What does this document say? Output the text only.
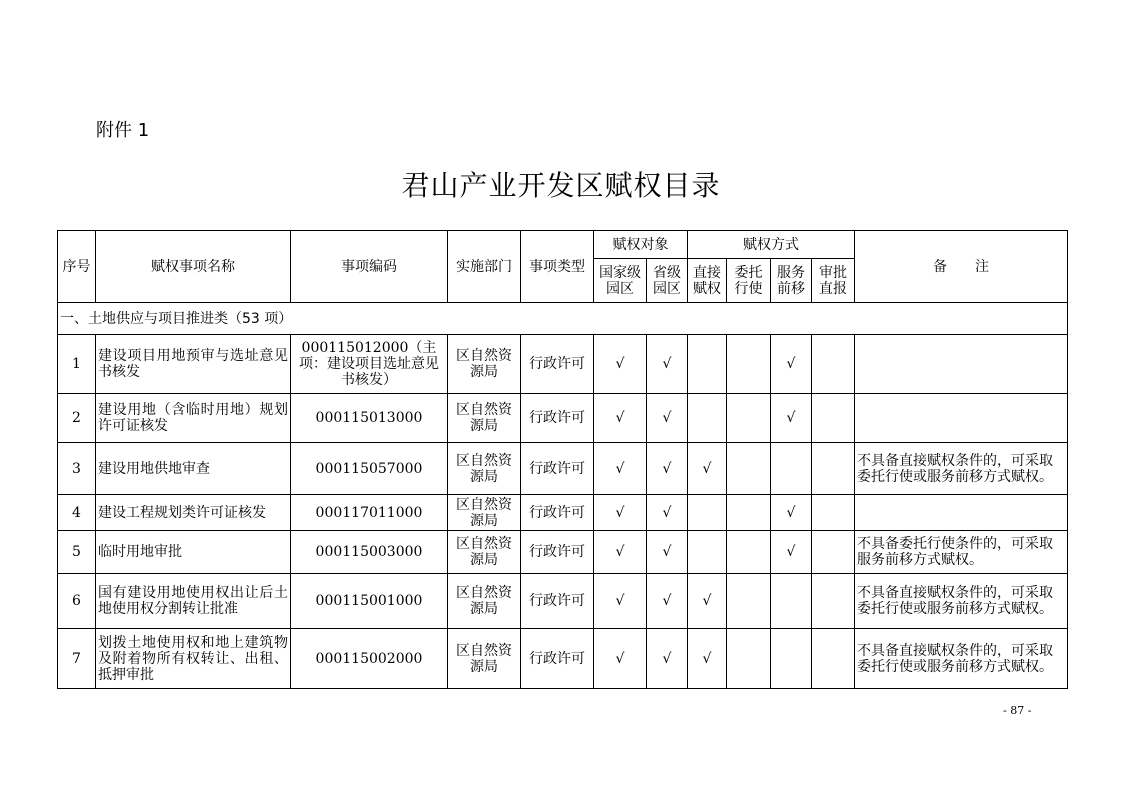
附件 1
君山产业开发区赋权目录
序号	赋权事项名称	事项编码	实施部门	事项类型	赋权对象		赋权方式				备　　注
					国家级园区	省级园区	直接赋权	委托行使	服务前移	审批直报	
一、土地供应与项目推进类（53 项）											
1	建设项目用地预审与选址意见书核发	000115012000（主项：建设项目选址意见书核发）	区自然资源局	行政许可	√	√			√		
2	建设用地（含临时用地）规划许可证核发	000115013000	区自然资源局	行政许可	√	√			√		
3	建设用地供地审查	000115057000	区自然资源局	行政许可	√	√	√				不具备直接赋权条件的，可采取委托行使或服务前移方式赋权。
4	建设工程规划类许可证核发	000117011000	区自然资源局	行政许可	√	√			√		
5	临时用地审批	000115003000	区自然资源局	行政许可	√	√			√		不具备委托行使条件的，可采取服务前移方式赋权。
6	国有建设用地使用权出让后土地使用权分割转让批准	000115001000	区自然资源局	行政许可	√	√	√				不具备直接赋权条件的，可采取委托行使或服务前移方式赋权。
7	划拨土地使用权和地上建筑物及附着物所有权转让、出租、抵押审批	000115002000	区自然资源局	行政许可	√	√	√				不具备直接赋权条件的，可采取委托行使或服务前移方式赋权。
- 87 -
